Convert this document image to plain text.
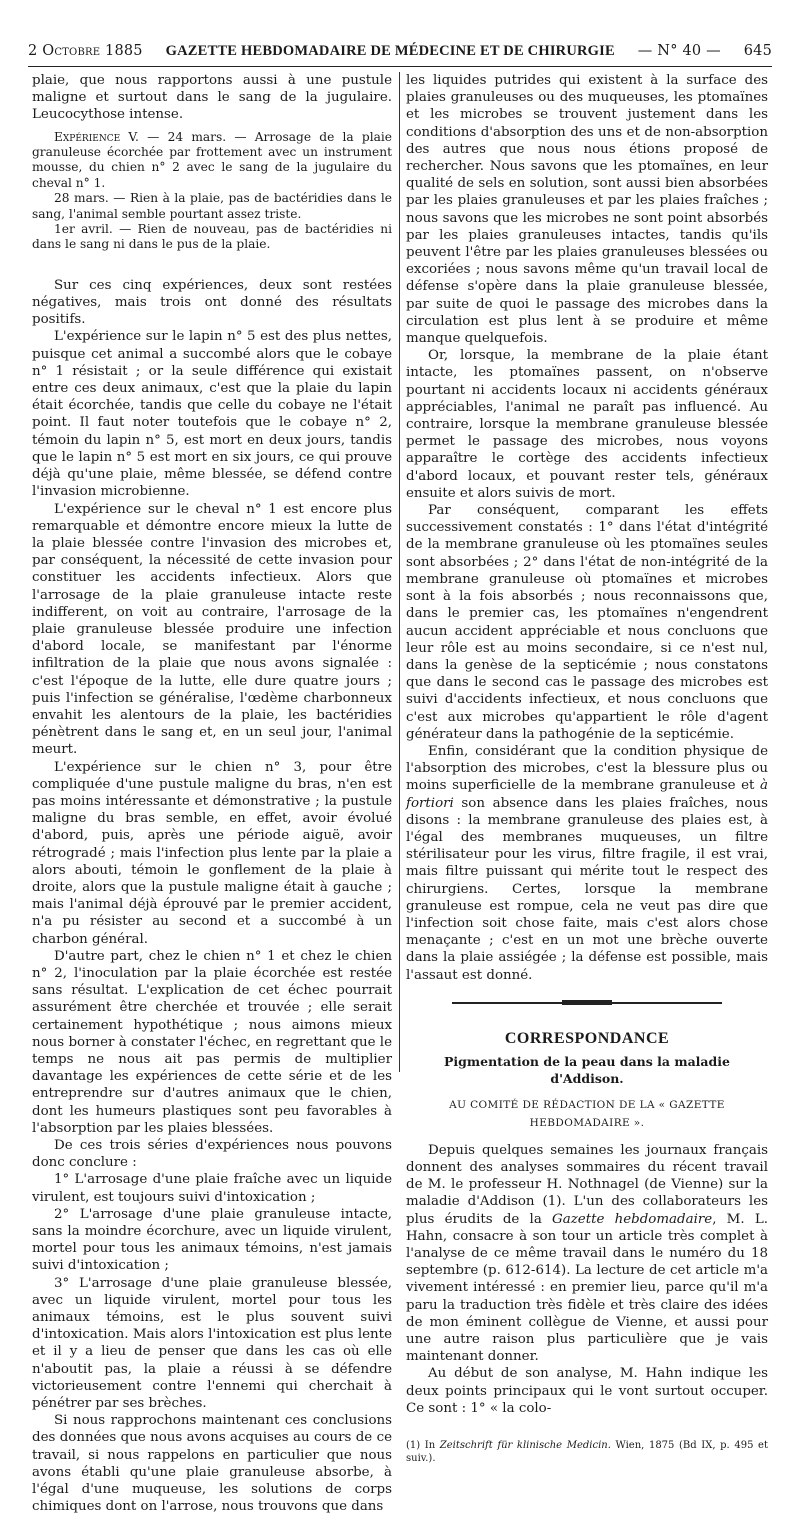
2 Octobre 1885 GAZETTE HEBDOMADAIRE DE MÉDECINE ET DE CHIRURGIE — N° 40 — 645

plaie, que nous rapportons aussi à une pustule maligne et surtout dans le sang de la jugulaire. Leucocythose intense.

Expérience V. — 24 mars. — Arrosage de la plaie granuleuse écorchée par frottement avec un instrument mousse, du chien n° 2 avec le sang de la jugulaire du cheval n° 1.

28 mars. — Rien à la plaie, pas de bactéridies dans le sang, l'animal semble pourtant assez triste.

1er avril. — Rien de nouveau, pas de bactéridies ni dans le sang ni dans le pus de la plaie.

Sur ces cinq expériences, deux sont restées négatives, mais trois ont donné des résultats positifs.

L'expérience sur le lapin n° 5 est des plus nettes, puisque cet animal a succombé alors que le cobaye n° 1 résistait ; or la seule différence qui existait entre ces deux animaux, c'est que la plaie du lapin était écorchée, tandis que celle du cobaye ne l'était point. Il faut noter toutefois que le cobaye n° 2, témoin du lapin n° 5, est mort en deux jours, tandis que le lapin n° 5 est mort en six jours, ce qui prouve déjà qu'une plaie, même blessée, se défend contre l'invasion microbienne.

L'expérience sur le cheval n° 1 est encore plus remarquable et démontre encore mieux la lutte de la plaie blessée contre l'invasion des microbes et, par conséquent, la nécessité de cette invasion pour constituer les accidents infectieux. Alors que l'arrosage de la plaie granuleuse intacte reste indifferent, on voit au contraire, l'arrosage de la plaie granuleuse blessée produire une infection d'abord locale, se manifestant par l'énorme infiltration de la plaie que nous avons signalée : c'est l'époque de la lutte, elle dure quatre jours ; puis l'infection se généralise, l'œdème charbonneux envahit les alentours de la plaie, les bactéridies pénètrent dans le sang et, en un seul jour, l'animal meurt.

L'expérience sur le chien n° 3, pour être compliquée d'une pustule maligne du bras, n'en est pas moins intéressante et démonstrative ; la pustule maligne du bras semble, en effet, avoir évolué d'abord, puis, après une période aiguë, avoir rétrogradé ; mais l'infection plus lente par la plaie a alors abouti, témoin le gonflement de la plaie à droite, alors que la pustule maligne était à gauche ; mais l'animal déjà éprouvé par le premier accident, n'a pu résister au second et a succombé à un charbon général.

D'autre part, chez le chien n° 1 et chez le chien n° 2, l'inoculation par la plaie écorchée est restée sans résultat. L'explication de cet échec pourrait assurément être cherchée et trouvée ; elle serait certainement hypothétique ; nous aimons mieux nous borner à constater l'échec, en regrettant que le temps ne nous ait pas permis de multiplier davantage les expériences de cette série et de les entreprendre sur d'autres animaux que le chien, dont les humeurs plastiques sont peu favorables à l'absorption par les plaies blessées.

De ces trois séries d'expériences nous pouvons donc conclure :

1° L'arrosage d'une plaie fraîche avec un liquide virulent, est toujours suivi d'intoxication ;

2° L'arrosage d'une plaie granuleuse intacte, sans la moindre écorchure, avec un liquide virulent, mortel pour tous les animaux témoins, n'est jamais suivi d'intoxication ;

3° L'arrosage d'une plaie granuleuse blessée, avec un liquide virulent, mortel pour tous les animaux témoins, est le plus souvent suivi d'intoxication. Mais alors l'intoxication est plus lente et il y a lieu de penser que dans les cas où elle n'aboutit pas, la plaie a réussi à se défendre victorieusement contre l'ennemi qui cherchait à pénétrer par ses brèches.

Si nous rapprochons maintenant ces conclusions des données que nous avons acquises au cours de ce travail, si nous rappelons en particulier que nous avons établi qu'une plaie granuleuse absorbe, à l'égal d'une muqueuse, les solutions de corps chimiques dont on l'arrose, nous trouvons que dans

les liquides putrides qui existent à la surface des plaies granuleuses ou des muqueuses, les ptomaïnes et les microbes se trouvent justement dans les conditions d'absorption des uns et de non-absorption des autres que nous nous étions proposé de rechercher. Nous savons que les ptomaïnes, en leur qualité de sels en solution, sont aussi bien absorbées par les plaies granuleuses et par les plaies fraîches ; nous savons que les microbes ne sont point absorbés par les plaies granuleuses intactes, tandis qu'ils peuvent l'être par les plaies granuleuses blessées ou excoriées ; nous savons même qu'un travail local de défense s'opère dans la plaie granuleuse blessée, par suite de quoi le passage des microbes dans la circulation est plus lent à se produire et même manque quelquefois.

Or, lorsque, la membrane de la plaie étant intacte, les ptomaïnes passent, on n'observe pourtant ni accidents locaux ni accidents généraux appréciables, l'animal ne paraît pas influencé. Au contraire, lorsque la membrane granuleuse blessée permet le passage des microbes, nous voyons apparaître le cortège des accidents infectieux d'abord locaux, et pouvant rester tels, généraux ensuite et alors suivis de mort.

Par conséquent, comparant les effets successivement constatés : 1° dans l'état d'intégrité de la membrane granuleuse où les ptomaïnes seules sont absorbées ; 2° dans l'état de non-intégrité de la membrane granuleuse où ptomaïnes et microbes sont à la fois absorbés ; nous reconnaissons que, dans le premier cas, les ptomaïnes n'engendrent aucun accident appréciable et nous concluons que leur rôle est au moins secondaire, si ce n'est nul, dans la genèse de la septicémie ; nous constatons que dans le second cas le passage des microbes est suivi d'accidents infectieux, et nous concluons que c'est aux microbes qu'appartient le rôle d'agent générateur dans la pathogénie de la septicémie.

Enfin, considérant que la condition physique de l'absorption des microbes, c'est la blessure plus ou moins superficielle de la membrane granuleuse et à fortiori son absence dans les plaies fraîches, nous disons : la membrane granuleuse des plaies est, à l'égal des membranes muqueuses, un filtre stérilisateur pour les virus, filtre fragile, il est vrai, mais filtre puissant qui mérite tout le respect des chirurgiens. Certes, lorsque la membrane granuleuse est rompue, cela ne veut pas dire que l'infection soit chose faite, mais c'est alors chose menaçante ; c'est en un mot une brèche ouverte dans la plaie assiégée ; la défense est possible, mais l'assaut est donné.

CORRESPONDANCE
Pigmentation de la peau dans la maladie d'Addison.
AU COMITÉ DE RÉDACTION DE LA « GAZETTE HEBDOMADAIRE ».

Depuis quelques semaines les journaux français donnent des analyses sommaires du récent travail de M. le professeur H. Nothnagel (de Vienne) sur la maladie d'Addison (1). L'un des collaborateurs les plus érudits de la Gazette hebdomadaire, M. L. Hahn, consacre à son tour un article très complet à l'analyse de ce même travail dans le numéro du 18 septembre (p. 612-614). La lecture de cet article m'a vivement intéressé : en premier lieu, parce qu'il m'a paru la traduction très fidèle et très claire des idées de mon éminent collègue de Vienne, et aussi pour une autre raison plus particulière que je vais maintenant donner.

Au début de son analyse, M. Hahn indique les deux points principaux qui le vont surtout occuper. Ce sont : 1° « la colo-

(1) In Zeitschrift für klinische Medicin. Wien, 1875 (Bd IX, p. 495 et suiv.).
